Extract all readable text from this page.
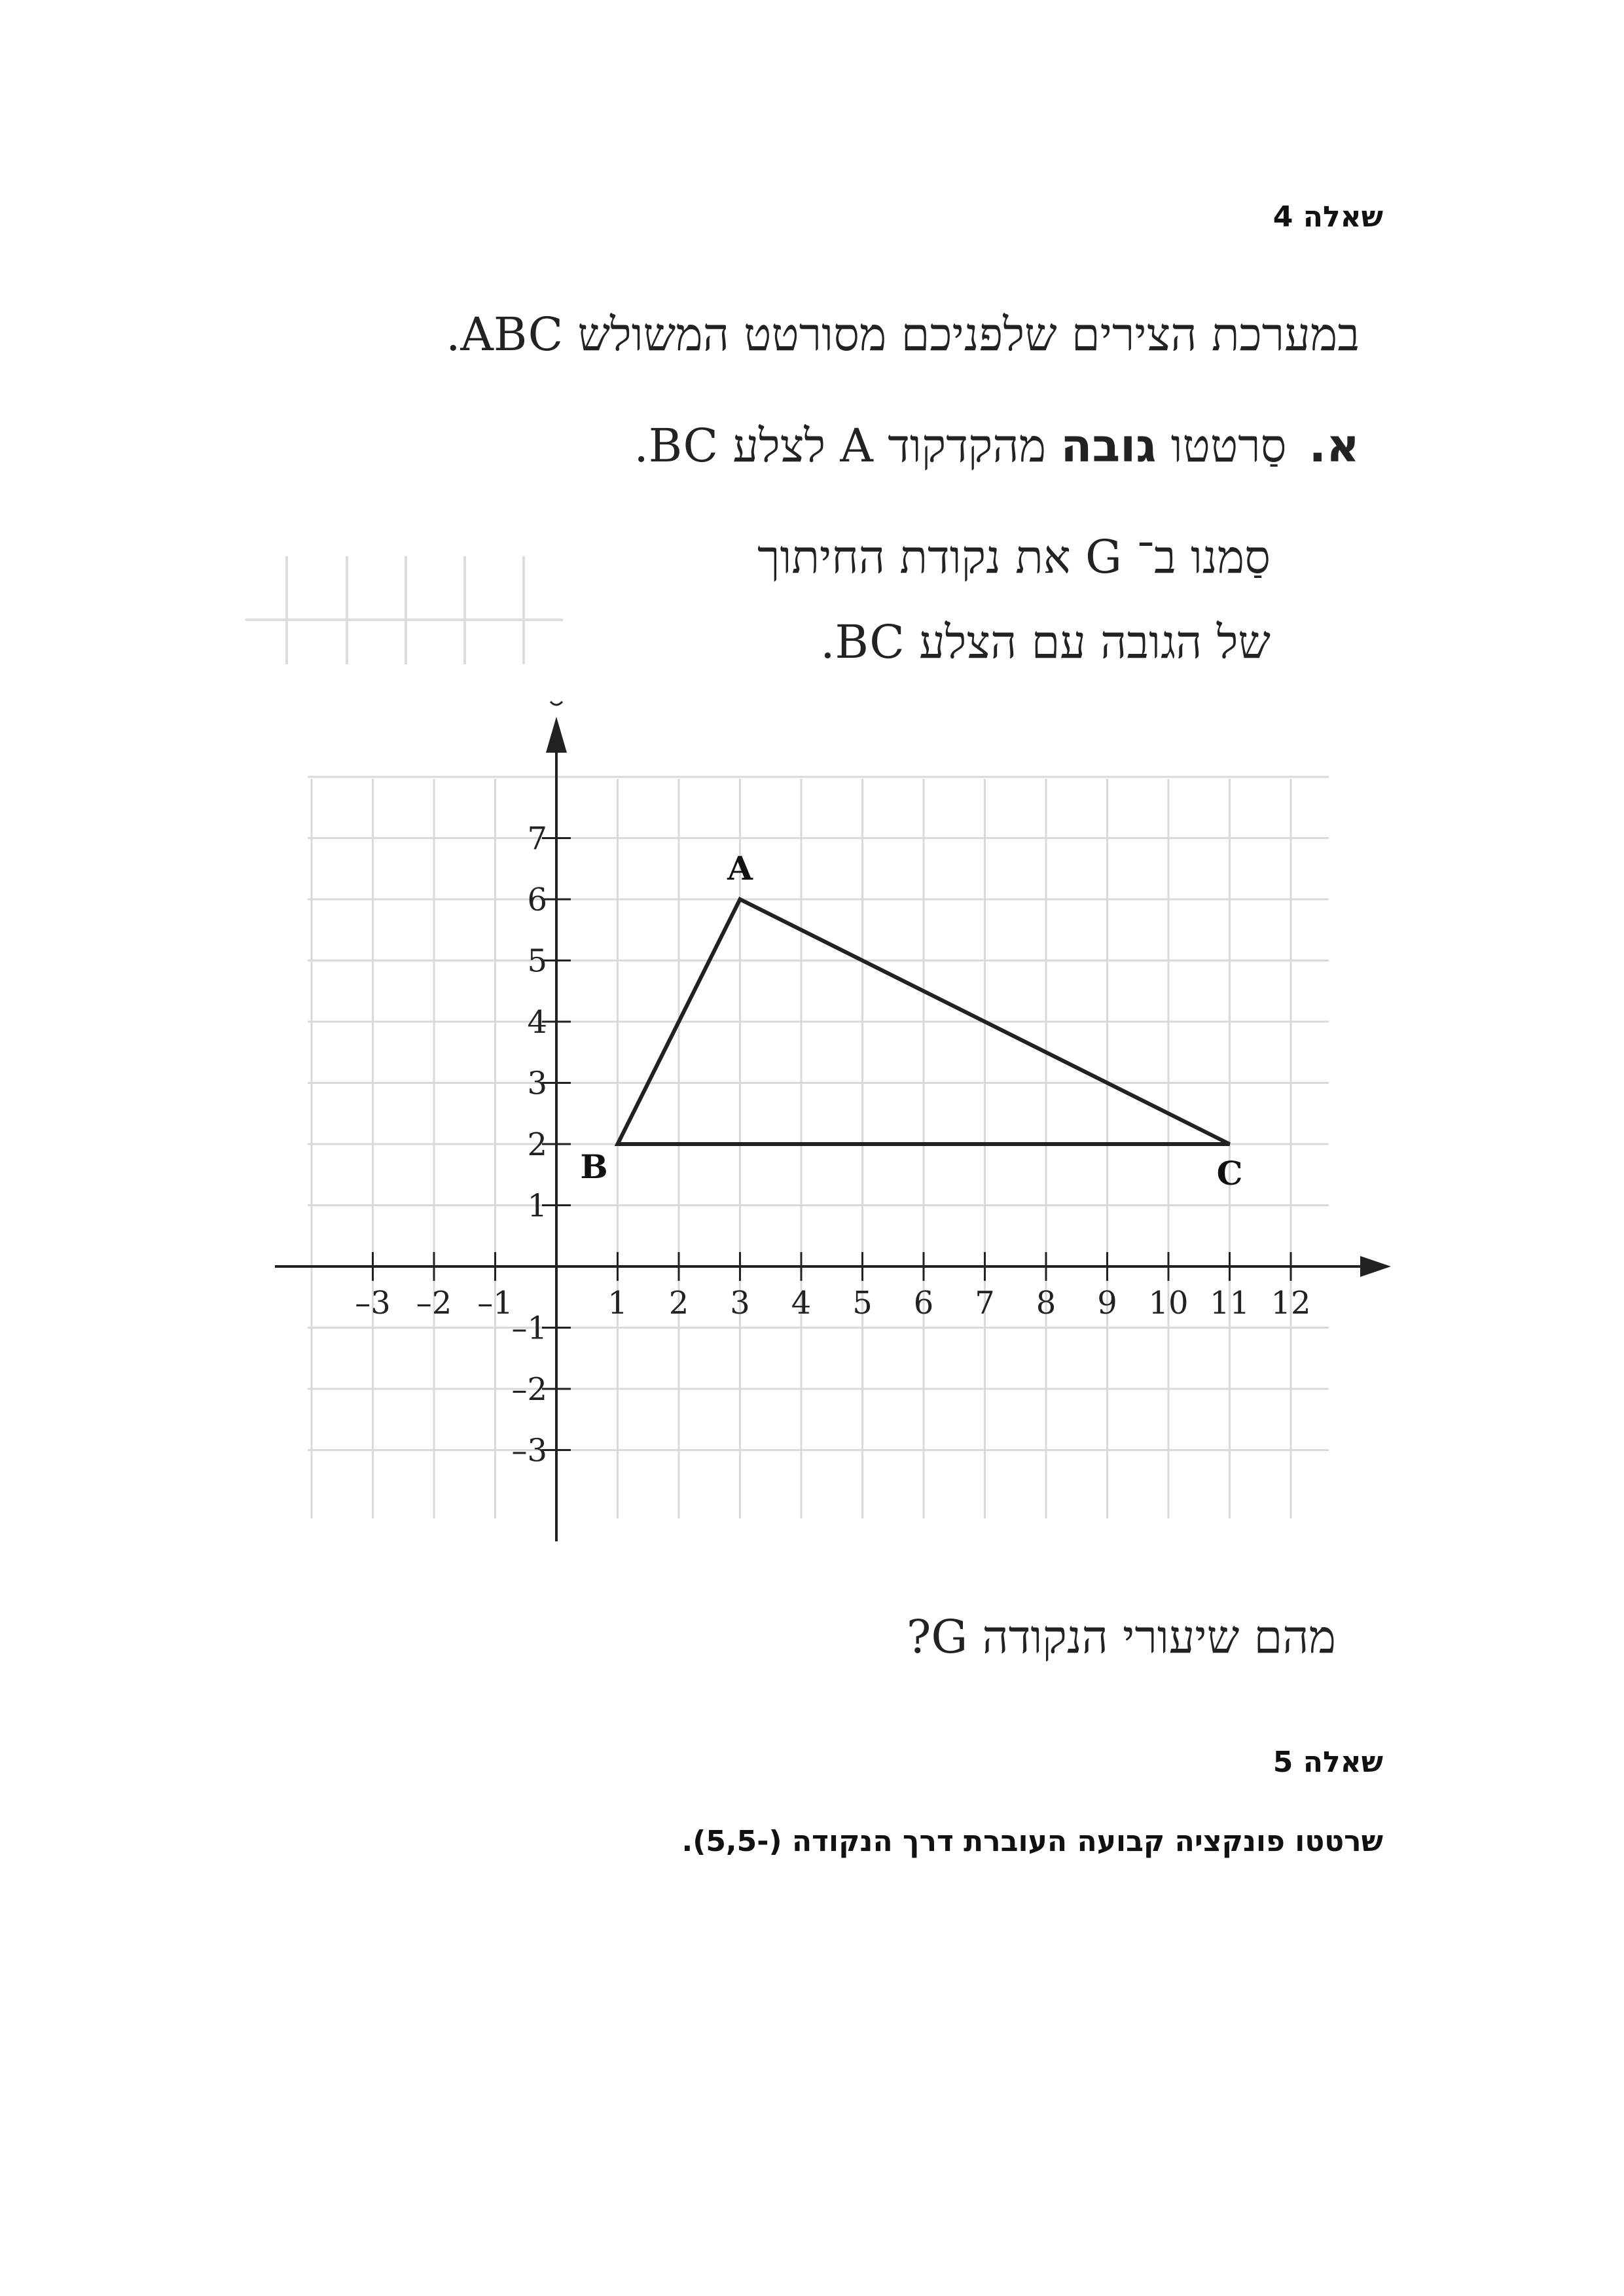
שאלה 4
במערכת הצירים שלפניכם מסורטט המשולש ABC.
א.סַרטטו גובה מהקדקוד A לצלע BC.
סַמנו ב־ G את נקודת החיתוך
של הגובה עם הצלע BC.
–3 –2 –1	1 2 3 4 5 6 7 8 9 10 11 12
–3
–2
–1
1
2
3
4
5
6
7
A
B	C
מהם שיעורי הנקודה G?
שאלה 5
שרטטו פונקציה קבועה העוברת דרך הנקודה (-5,5).
